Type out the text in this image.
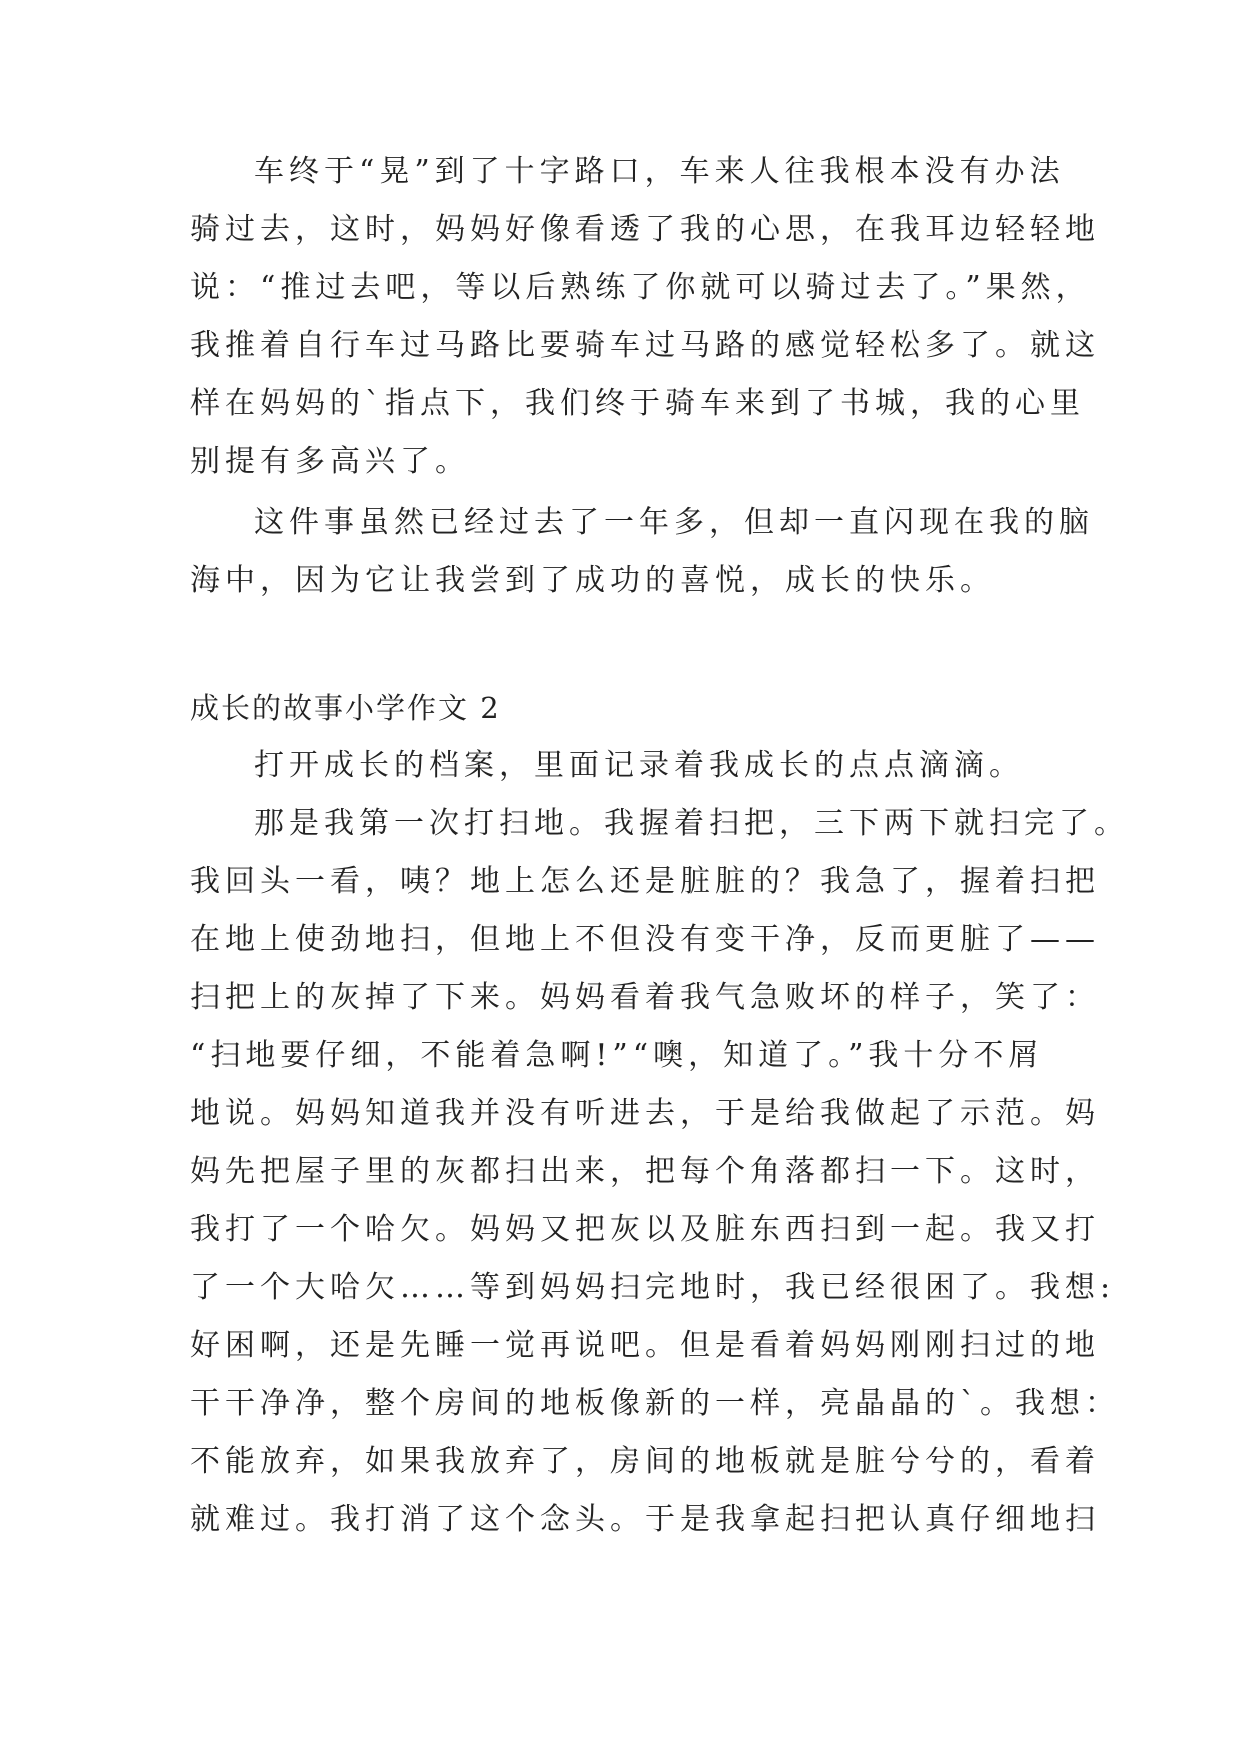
车终于“晃”到了十字路口，车来人往我根本没有办法
骑过去，这时，妈妈好像看透了我的心思，在我耳边轻轻地
说：“推过去吧，等以后熟练了你就可以骑过去了。”果然，
我推着自行车过马路比要骑车过马路的感觉轻松多了。就这
样在妈妈的`指点下，我们终于骑车来到了书城，我的心里
别提有多高兴了。
这件事虽然已经过去了一年多，但却一直闪现在我的脑
海中，因为它让我尝到了成功的喜悦，成长的快乐。
成长的故事小学作文 2
打开成长的档案，里面记录着我成长的点点滴滴。
那是我第一次打扫地。我握着扫把，三下两下就扫完了。
我回头一看，咦？地上怎么还是脏脏的？我急了，握着扫把
在地上使劲地扫，但地上不但没有变干净，反而更脏了——
扫把上的灰掉了下来。妈妈看着我气急败坏的样子，笑了：
“扫地要仔细，不能着急啊!”“噢，知道了。”我十分不屑
地说。妈妈知道我并没有听进去，于是给我做起了示范。妈
妈先把屋子里的灰都扫出来，把每个角落都扫一下。这时，
我打了一个哈欠。妈妈又把灰以及脏东西扫到一起。我又打
了一个大哈欠……等到妈妈扫完地时，我已经很困了。我想:
好困啊，还是先睡一觉再说吧。但是看着妈妈刚刚扫过的地
干干净净，整个房间的地板像新的一样，亮晶晶的`。我想：
不能放弃，如果我放弃了，房间的地板就是脏兮兮的，看着
就难过。我打消了这个念头。于是我拿起扫把认真仔细地扫
